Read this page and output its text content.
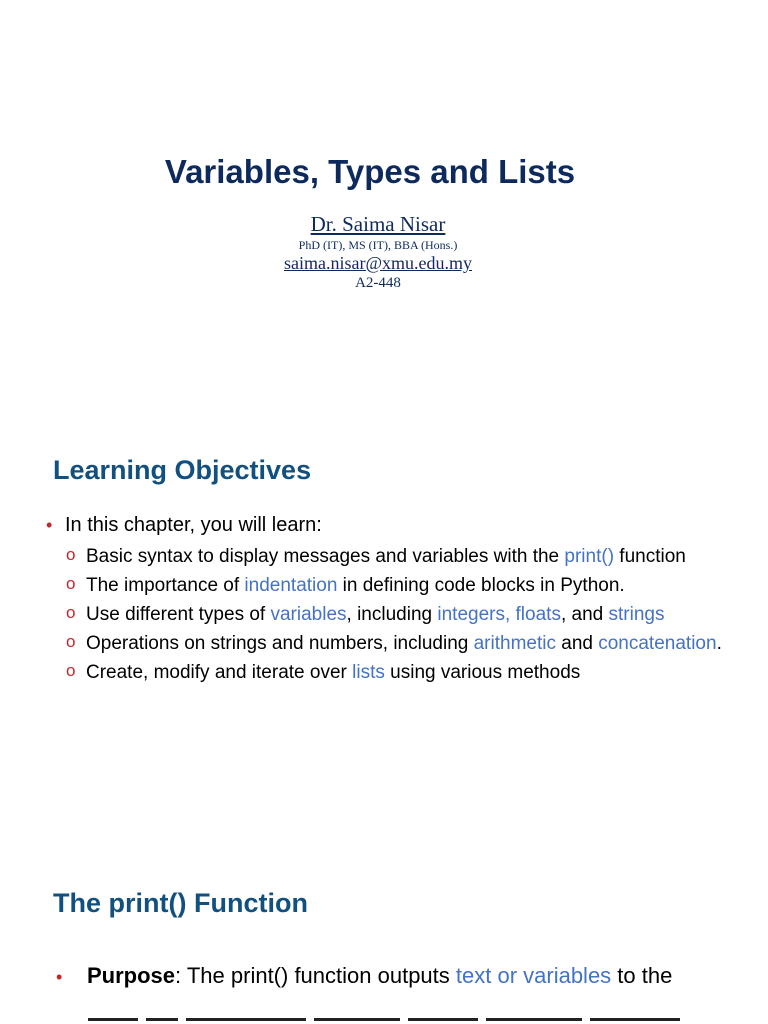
Variables, Types and Lists
Dr. Saima Nisar
PhD (IT), MS (IT), BBA (Hons.)
saima.nisar@xmu.edu.my
A2-448
Learning Objectives
• In this chapter, you will learn:
o Basic syntax to display messages and variables with the print() function
o The importance of indentation in defining code blocks in Python.
o Use different types of variables, including integers, floats, and strings
o Operations on strings and numbers, including arithmetic and concatenation.
o Create, modify and iterate over lists using various methods
The print() Function
• Purpose: The print() function outputs text or variables to the
